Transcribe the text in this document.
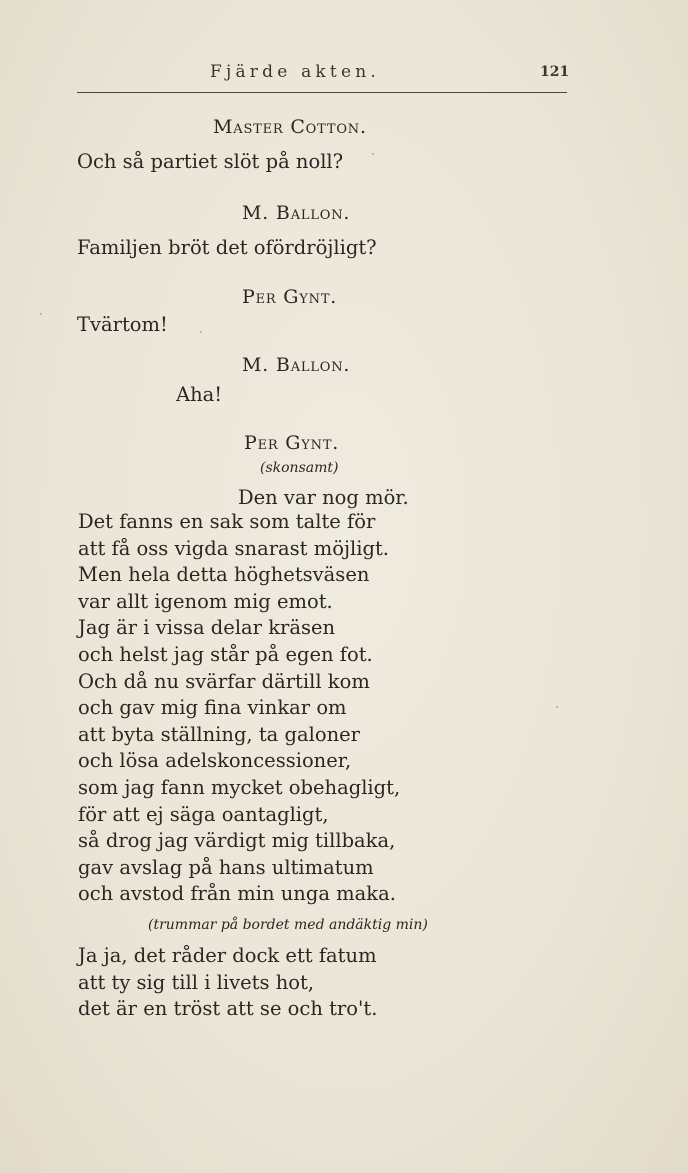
Fjärde akten.	121
Master Cotton.
Och så partiet slöt på noll?
M. Ballon.
Familjen bröt det ofördröjligt?
Per Gynt.
Tvärtom!
M. Ballon.
Aha!
Per Gynt.
(skonsamt)
Den var nog mör.
Det fanns en sak som talte för
att få oss vigda snarast möjligt.
Men hela detta höghetsväsen
var allt igenom mig emot.
Jag är i vissa delar kräsen
och helst jag står på egen fot.
Och då nu svärfar därtill kom
och gav mig fina vinkar om
att byta ställning, ta galoner
och lösa adelskoncessioner,
som jag fann mycket obehagligt,
för att ej säga oantagligt,
så drog jag värdigt mig tillbaka,
gav avslag på hans ultimatum
och avstod från min unga maka.
(trummar på bordet med andäktig min)
Ja ja, det råder dock ett fatum
att ty sig till i livets hot,
det är en tröst att se och tro't.
